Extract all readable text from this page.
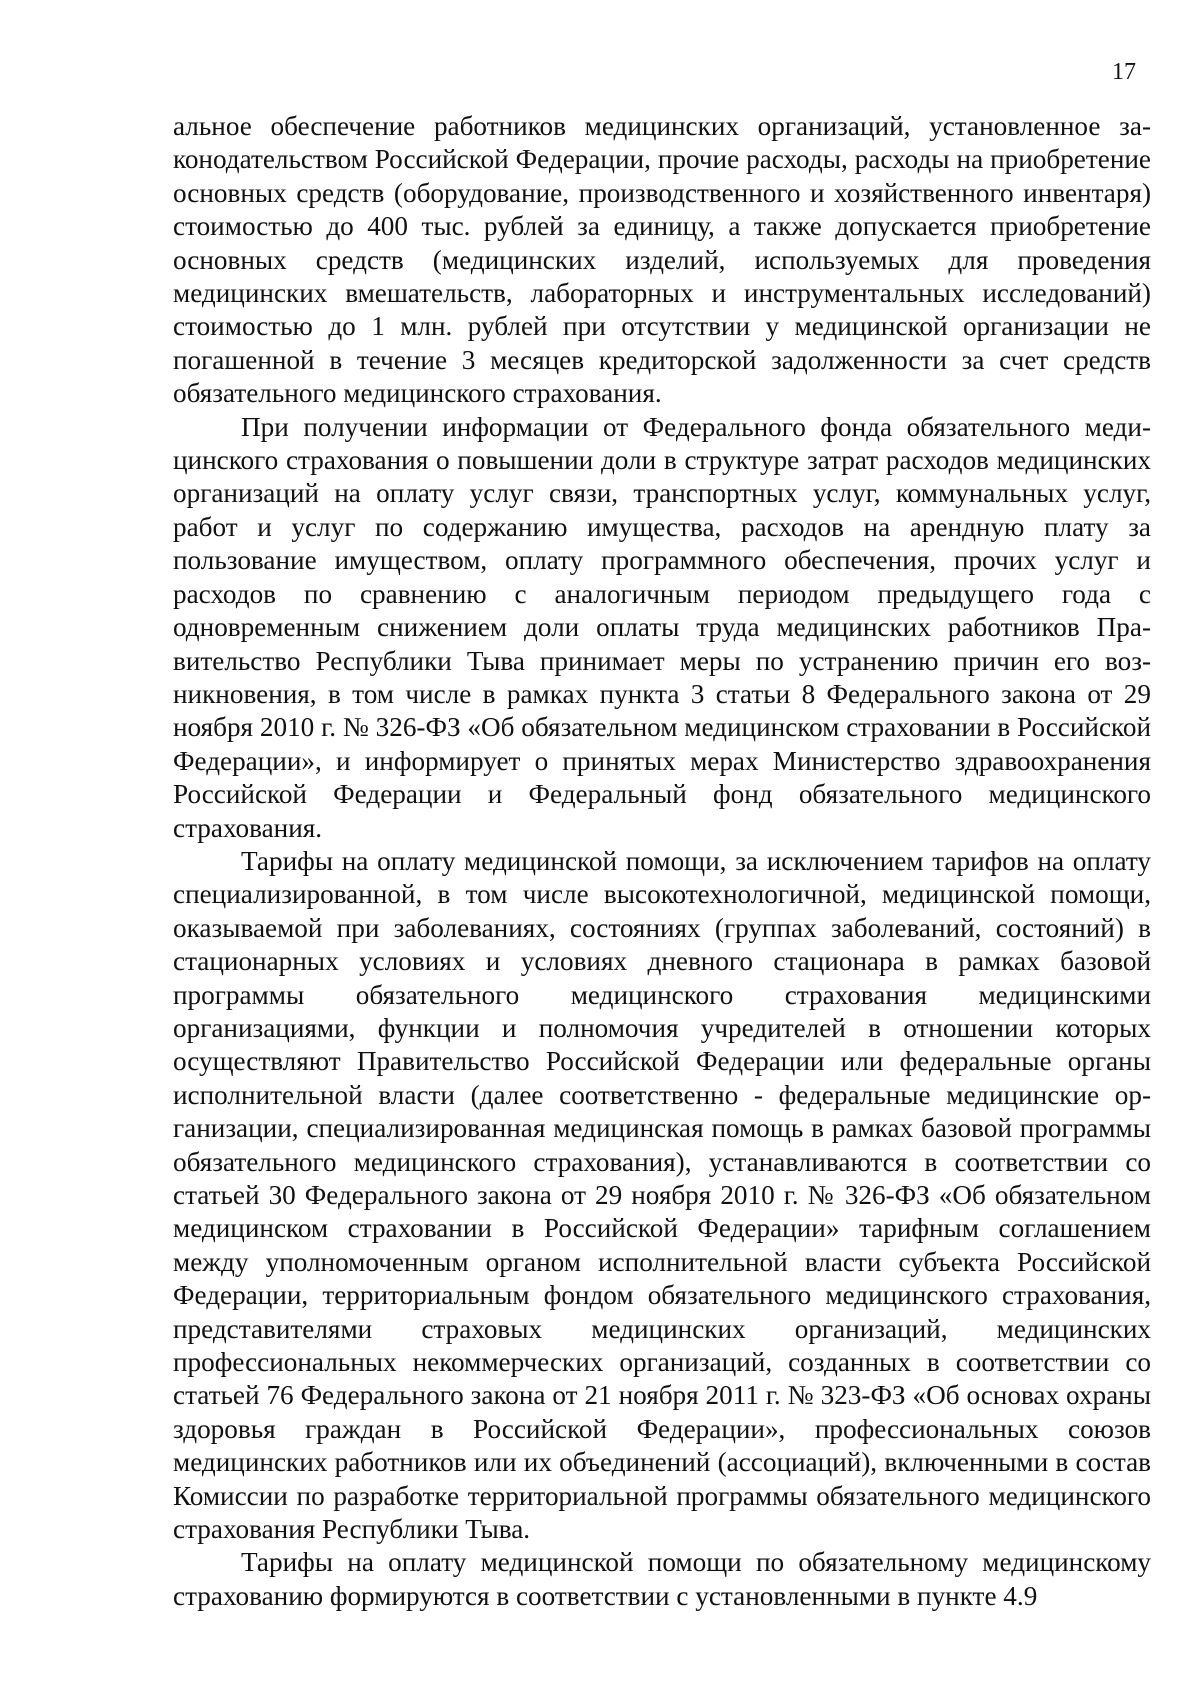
17

альное обеспечение работников медицинских организаций, установленное законодательством Российской Федерации, прочие расходы, расходы на приобретение основных средств (оборудование, производственного и хозяйственного инвентаря) стоимостью до 400 тыс. рублей за единицу, а также допускается приобретение основных средств (медицинских изделий, используемых для проведения медицинских вмешательств, лабораторных и инструментальных исследований) стоимостью до 1 млн. рублей при отсутствии у медицинской организации не погашенной в течение 3 месяцев кредиторской задолженности за счет средств обязательного медицинского страхования.

При получении информации от Федерального фонда обязательного медицинского страхования о повышении доли в структуре затрат расходов медицинских организаций на оплату услуг связи, транспортных услуг, коммунальных услуг, работ и услуг по содержанию имущества, расходов на арендную плату за пользование имуществом, оплату программного обеспечения, прочих услуг и расходов по сравнению с аналогичным периодом предыдущего года с одновременным снижением доли оплаты труда медицинских работников Правительство Республики Тыва принимает меры по устранению причин его возникновения, в том числе в рамках пункта 3 статьи 8 Федерального закона от 29 ноября 2010 г. № 326-ФЗ «Об обязательном медицинском страховании в Российской Федерации», и информирует о принятых мерах Министерство здравоохранения Российской Федерации и Федеральный фонд обязательного медицинского страхования.

Тарифы на оплату медицинской помощи, за исключением тарифов на оплату специализированной, в том числе высокотехнологичной, медицинской помощи, оказываемой при заболеваниях, состояниях (группах заболеваний, состояний) в стационарных условиях и условиях дневного стационара в рамках базовой программы обязательного медицинского страхования медицинскими организациями, функции и полномочия учредителей в отношении которых осуществляют Правительство Российской Федерации или федеральные органы исполнительной власти (далее соответственно - федеральные медицинские организации, специализированная медицинская помощь в рамках базовой программы обязательного медицинского страхования), устанавливаются в соответствии со статьей 30 Федерального закона от 29 ноября 2010 г. № 326-ФЗ «Об обязательном медицинском страховании в Российской Федерации» тарифным соглашением между уполномоченным органом исполнительной власти субъекта Российской Федерации, территориальным фондом обязательного медицинского страхования, представителями страховых медицинских организаций, медицинских профессиональных некоммерческих организаций, созданных в соответствии со статьей 76 Федерального закона от 21 ноября 2011 г. № 323-ФЗ «Об основах охраны здоровья граждан в Российской Федерации», профессиональных союзов медицинских работников или их объединений (ассоциаций), включенными в состав Комиссии по разработке территориальной программы обязательного медицинского страхования Республики Тыва.

Тарифы на оплату медицинской помощи по обязательному медицинскому страхованию формируются в соответствии с установленными в пункте 4.9
